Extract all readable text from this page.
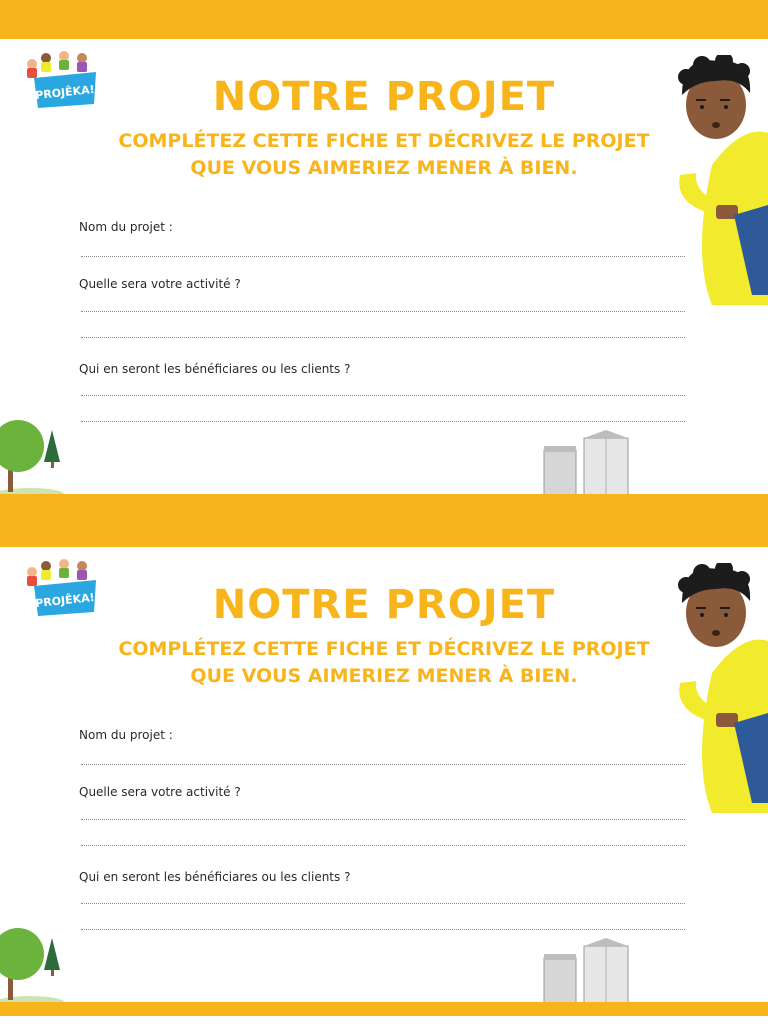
PROJÊKA!	NOTRE PROJET
COMPLÉTEZ CETTE FICHE ET DÉCRIVEZ LE PROJET
QUE VOUS AIMERIEZ MENER À BIEN.
Nom du projet :
Quelle sera votre activité ?
Qui en seront les bénéficiares ou les clients ?
PROJÊKA!	NOTRE PROJET
COMPLÉTEZ CETTE FICHE ET DÉCRIVEZ LE PROJET
QUE VOUS AIMERIEZ MENER À BIEN.
Nom du projet :
Quelle sera votre activité ?
Qui en seront les bénéficiares ou les clients ?
